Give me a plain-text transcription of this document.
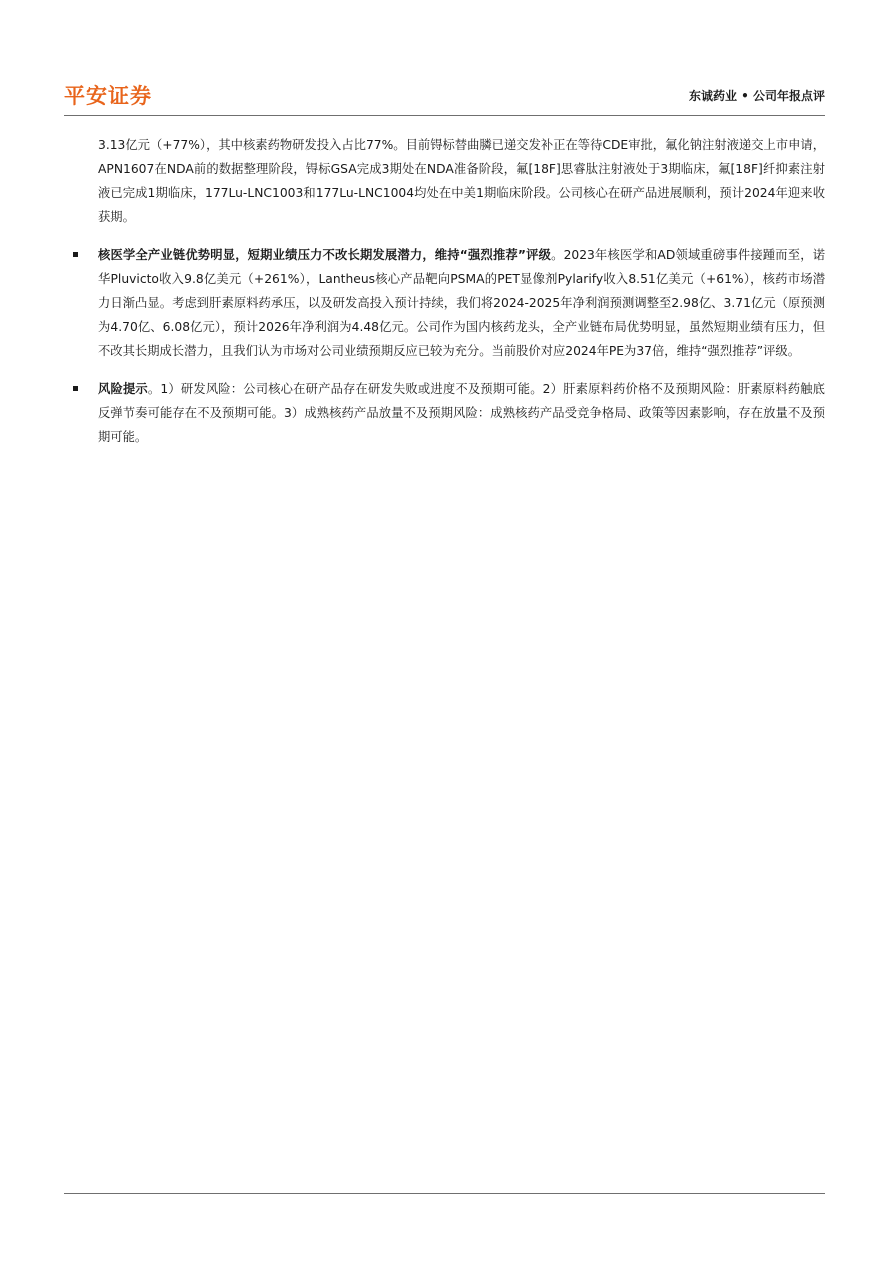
平安证券	东诚药业 • 公司年报点评

3.13亿元（+77%），其中核素药物研发投入占比77%。目前锝标替曲膦已递交发补正在等待CDE审批，氟化钠注射液递交上市申请，APN1607在NDA前的数据整理阶段，锝标GSA完成3期处在NDA准备阶段，氟[18F]思睿肽注射液处于3期临床，氟[18F]纤抑素注射液已完成1期临床，177Lu-LNC1003和177Lu-LNC1004均处在中美1期临床阶段。公司核心在研产品进展顺利，预计2024年迎来收获期。

核医学全产业链优势明显，短期业绩压力不改长期发展潜力，维持“强烈推荐”评级。2023年核医学和AD领域重磅事件接踵而至，诺华Pluvicto收入9.8亿美元（+261%），Lantheus核心产品靶向PSMA的PET显像剂Pylarify收入8.51亿美元（+61%），核药市场潜力日渐凸显。考虑到肝素原料药承压，以及研发高投入预计持续，我们将2024-2025年净利润预测调整至2.98亿、3.71亿元（原预测为4.70亿、6.08亿元），预计2026年净利润为4.48亿元。公司作为国内核药龙头，全产业链布局优势明显，虽然短期业绩有压力，但不改其长期成长潜力，且我们认为市场对公司业绩预期反应已较为充分。当前股价对应2024年PE为37倍，维持“强烈推荐”评级。
风险提示。1）研发风险：公司核心在研产品存在研发失败或进度不及预期可能。2）肝素原料药价格不及预期风险：肝素原料药触底反弹节奏可能存在不及预期可能。3）成熟核药产品放量不及预期风险：成熟核药产品受竞争格局、政策等因素影响，存在放量不及预期可能。
